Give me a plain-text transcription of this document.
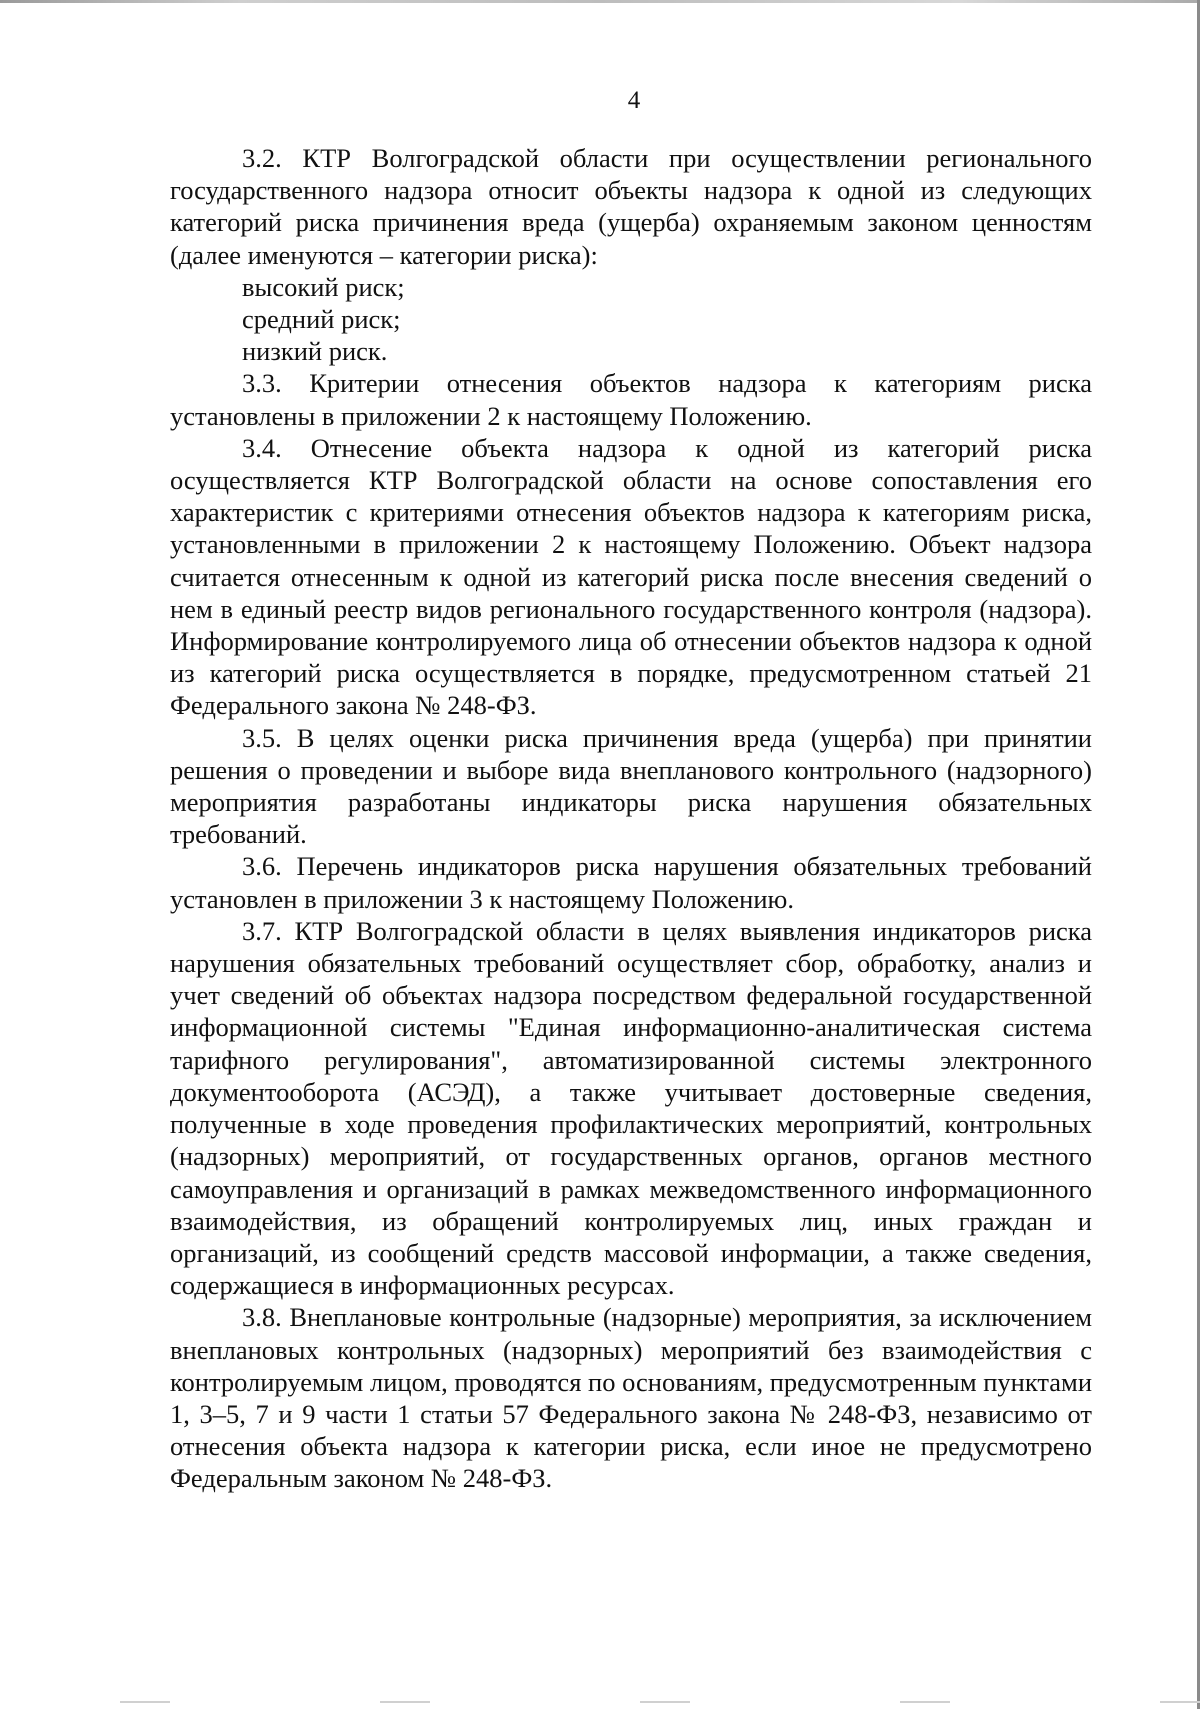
4

3.2. КТР Волгоградской области при осуществлении регионального государственного надзора относит объекты надзора к одной из следующих категорий риска причинения вреда (ущерба) охраняемым законом ценностям (далее именуются – категории риска):

высокий риск;

средний риск;

низкий риск.

3.3. Критерии отнесения объектов надзора к категориям риска установлены в приложении 2 к настоящему Положению.

3.4. Отнесение объекта надзора к одной из категорий риска осуществляется КТР Волгоградской области на основе сопоставления его характеристик с критериями отнесения объектов надзора к категориям риска, установленными в приложении 2 к настоящему Положению. Объект надзора считается отнесенным к одной из категорий риска после внесения сведений о нем в единый реестр видов регионального государственного контроля (надзора). Информирование контролируемого лица об отнесении объектов надзора к одной из категорий риска осуществляется в порядке, предусмотренном статьей 21 Федерального закона № 248-ФЗ.

3.5. В целях оценки риска причинения вреда (ущерба) при принятии решения о проведении и выборе вида внепланового контрольного (надзорного) мероприятия разработаны индикаторы риска нарушения обязательных требований.

3.6. Перечень индикаторов риска нарушения обязательных требований установлен в приложении 3 к настоящему Положению.

3.7. КТР Волгоградской области в целях выявления индикаторов риска нарушения обязательных требований осуществляет сбор, обработку, анализ и учет сведений об объектах надзора посредством федеральной государственной информационной системы "Единая информационно-аналитическая система тарифного регулирования", автоматизированной системы электронного документооборота (АСЭД), а также учитывает достоверные сведения, полученные в ходе проведения профилактических мероприятий, контрольных (надзорных) мероприятий, от государственных органов, органов местного самоуправления и организаций в рамках межведомственного информационного взаимодействия, из обращений контролируемых лиц, иных граждан и организаций, из сообщений средств массовой информации, а также сведения, содержащиеся в информационных ресурсах.

3.8. Внеплановые контрольные (надзорные) мероприятия, за исключением внеплановых контрольных (надзорных) мероприятий без взаимодействия с контролируемым лицом, проводятся по основаниям, предусмотренным пунктами 1, 3–5, 7 и 9 части 1 статьи 57 Федерального закона № 248-ФЗ, независимо от отнесения объекта надзора к категории риска, если иное не предусмотрено Федеральным законом № 248-ФЗ.
